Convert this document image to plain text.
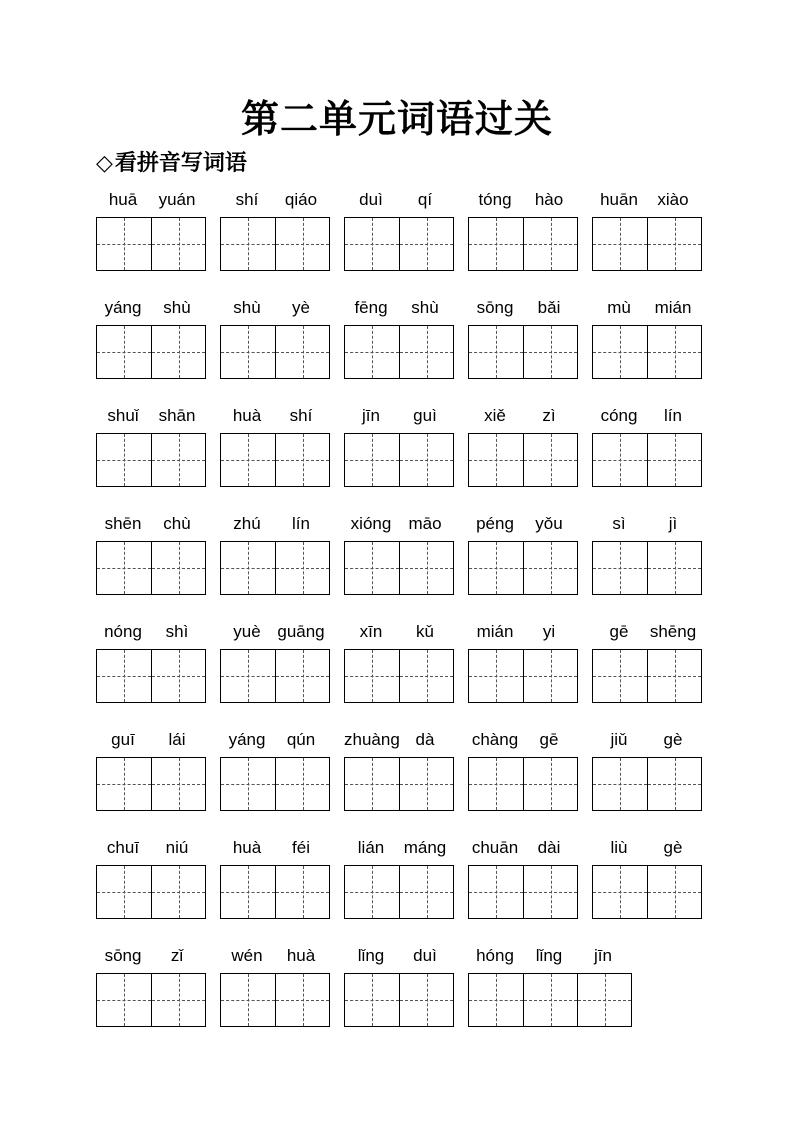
第二单元词语过关
◇看拼音写词语
huā	yuán	shí	qiáo	duì	qí	tóng	hào	huān	xiào
yáng	shù	shù	yè	fēng	shù	sōng	bǎi	mù	mián
shuǐ	shān	huà	shí	jīn	guì	xiě	zì	cóng	lín
shēn	chù	zhú	lín	xióng	māo	péng	yǒu	sì	jì
nóng	shì	yuè guāng	xīn	kǔ	mián	yi	gē	shēng
guī	lái	yáng	qún	zhuàng dà	chàng	gē	jiǔ	gè
chuī	niú	huà	féi	lián	máng	chuān	dài	liù	gè
sōng	zǐ	wén	huà	lǐng	duì	hóng	lǐng	jīn
